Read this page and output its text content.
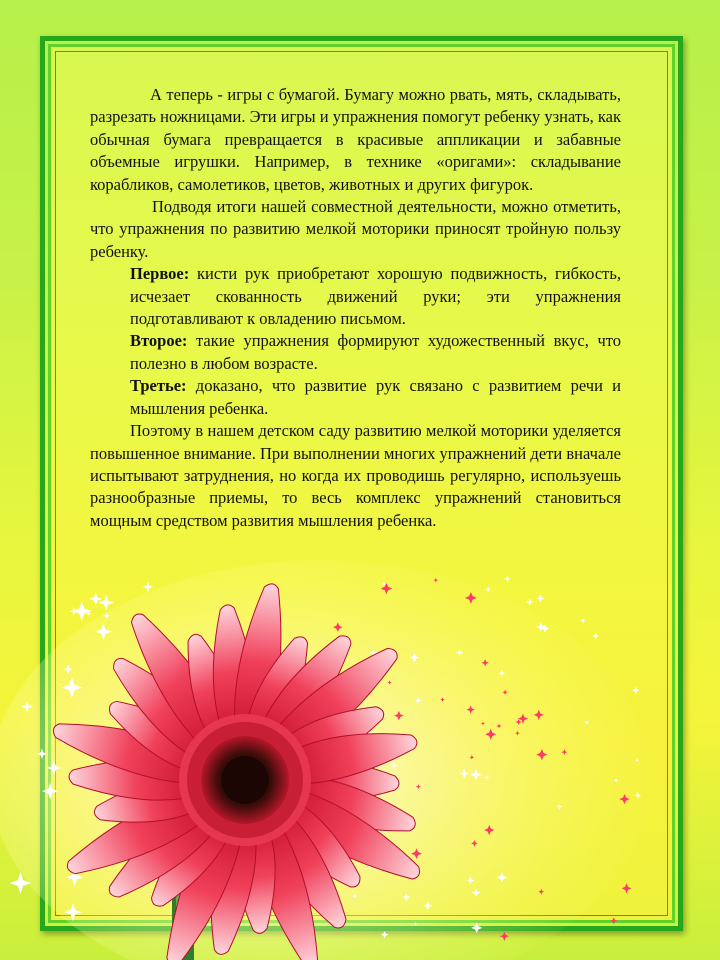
А теперь - игры с бумагой. Бумагу можно рвать, мять, складывать, разрезать ножницами. Эти игры и упражнения помогут ребенку узнать, как обычная бумага превращается в красивые аппликации и забавные объемные игрушки. Например, в технике «оригами»: складывание корабликов, самолетиков, цветов, животных и других фигурок.

Подводя итоги нашей совместной деятельности, можно отметить, что упражнения по развитию мелкой моторики приносят тройную пользу ребенку.

Первое: кисти рук приобретают хорошую подвижность, гибкость, исчезает скованность движений руки; эти упражнения подготавливают к овладению письмом.

Второе: такие упражнения формируют художественный вкус, что полезно в любом возрасте.

Третье: доказано, что развитие рук связано с развитием речи и мышления ребенка.

Поэтому в нашем детском саду развитию мелкой моторики уделяется повышенное внимание. При выполнении многих упражнений дети вначале испытывают затруднения, но когда их проводишь регулярно, используешь разнообразные приемы, то весь комплекс упражнений становиться мощным средством развития мышления ребенка.
